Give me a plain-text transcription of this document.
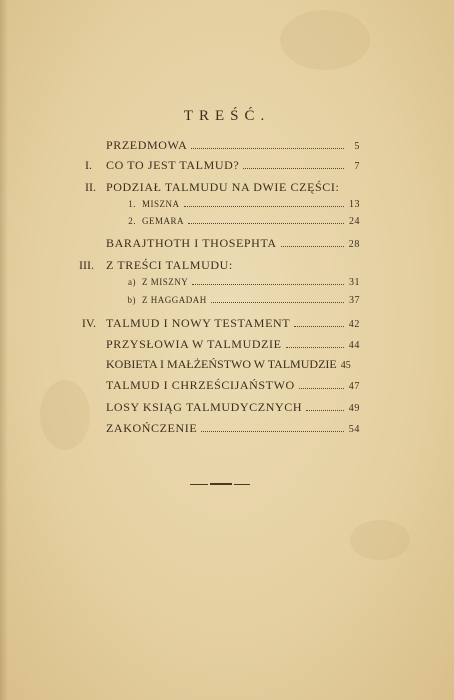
TREŚĆ.
PRZEDMOWA	5
I. CO TO JEST TALMUD?	7
II. PODZIAŁ TALMUDU NA DWIE CZĘŚCI:
1. MISZNA	13
2. GEMARA	24
BARAJTHOTH I THOSEPHTA	28
III. Z TREŚCI TALMUDU:
a) Z MISZNY	31
b) Z HAGGADAH	37
IV. TALMUD I NOWY TESTAMENT	42
PRZYSŁOWIA W TALMUDZIE	44
KOBIETA I MAŁŻEŃSTWO W TALMUDZIE 45
TALMUD I CHRZEŚCIJAŃSTWO	47
LOSY KSIĄG TALMUDYCZNYCH	49
ZAKOŃCZENIE	54
